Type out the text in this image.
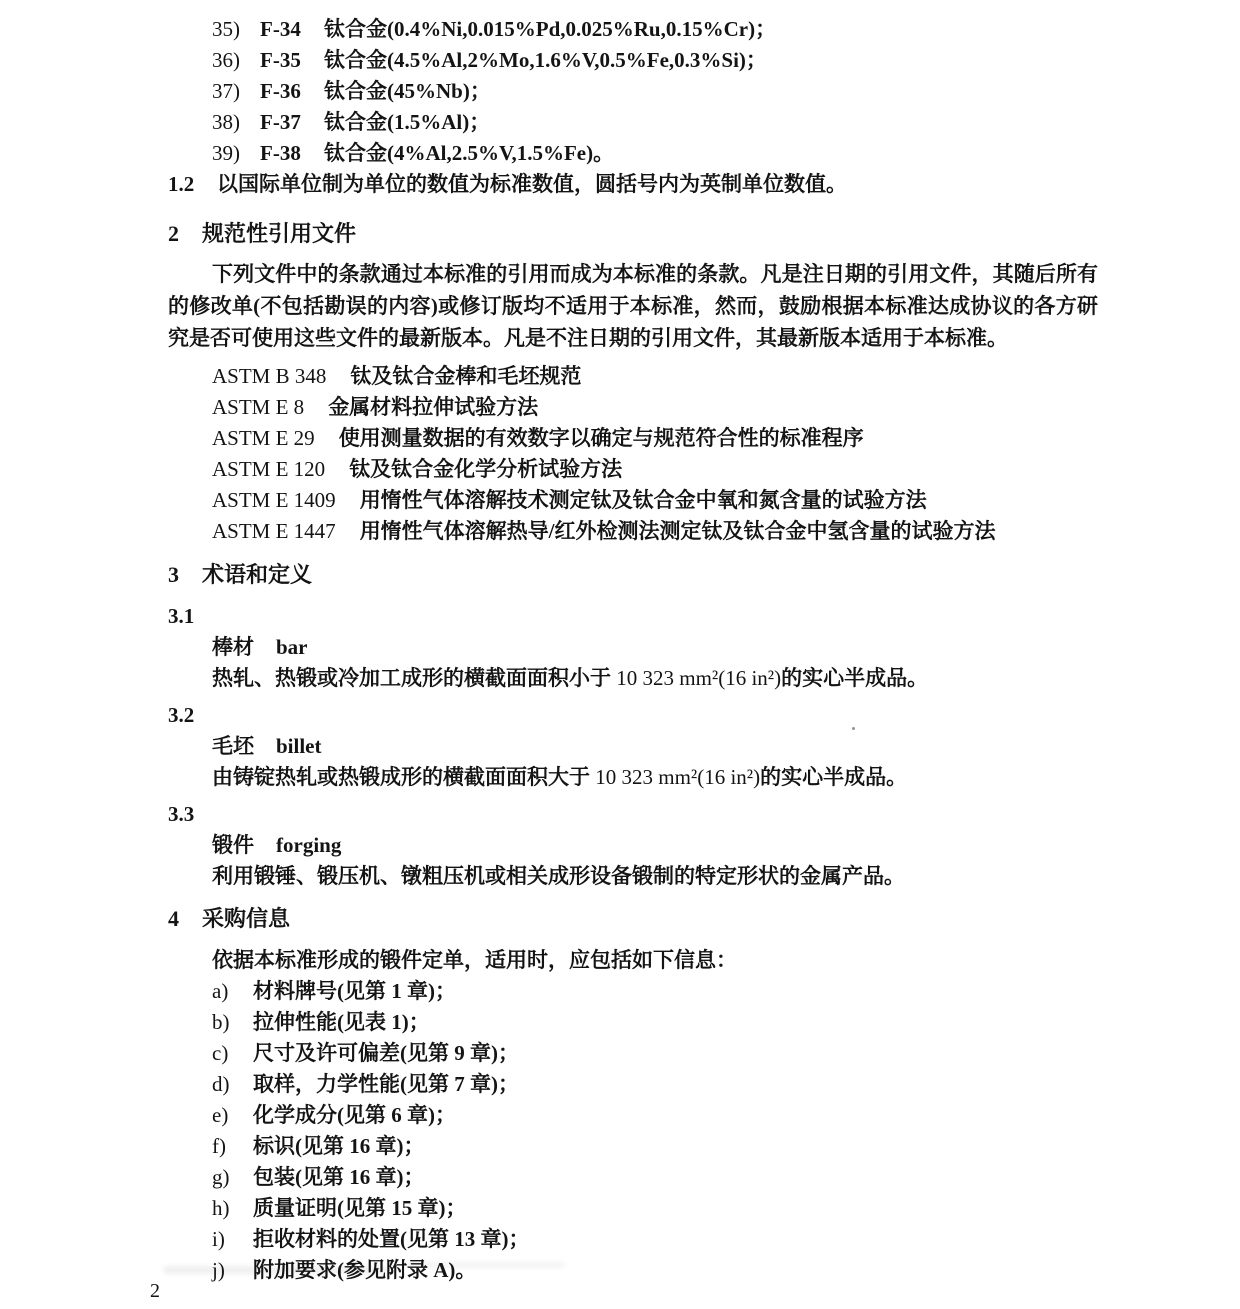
35) F-34	钛合金(0.4%Ni,0.015%Pd,0.025%Ru,0.15%Cr)；
36) F-35	钛合金(4.5%Al,2%Mo,1.6%V,0.5%Fe,0.3%Si)；
37) F-36	钛合金(45%Nb)；
38) F-37	钛合金(1.5%Al)；
39) F-38	钛合金(4%Al,2.5%V,1.5%Fe)。
1.2	以国际单位制为单位的数值为标准数值，圆括号内为英制单位数值。
2	规范性引用文件
下列文件中的条款通过本标准的引用而成为本标准的条款。凡是注日期的引用文件，其随后所有的修改单(不包括勘误的内容)或修订版均不适用于本标准，然而，鼓励根据本标准达成协议的各方研究是否可使用这些文件的最新版本。凡是不注日期的引用文件，其最新版本适用于本标准。
ASTM B 348 钛及钛合金棒和毛坯规范
ASTM E 8 金属材料拉伸试验方法
ASTM E 29 使用测量数据的有效数字以确定与规范符合性的标准程序
ASTM E 120 钛及钛合金化学分析试验方法
ASTM E 1409 用惰性气体溶解技术测定钛及钛合金中氧和氮含量的试验方法
ASTM E 1447 用惰性气体溶解热导/红外检测法测定钛及钛合金中氢含量的试验方法
3	术语和定义
3.1
棒材 bar
热轧、热锻或冷加工成形的横截面面积小于 10 323 mm²(16 in²)的实心半成品。
3.2
毛坯 billet
由铸锭热轧或热锻成形的横截面面积大于 10 323 mm²(16 in²)的实心半成品。
3.3
锻件 forging
利用锻锤、锻压机、镦粗压机或相关成形设备锻制的特定形状的金属产品。
4	采购信息
依据本标准形成的锻件定单，适用时，应包括如下信息：
a)	材料牌号(见第 1 章)；
b)	拉伸性能(见表 1)；
c)	尺寸及许可偏差(见第 9 章)；
d)	取样，力学性能(见第 7 章)；
e)	化学成分(见第 6 章)；
f)	标识(见第 16 章)；
g)	包装(见第 16 章)；
h)	质量证明(见第 15 章)；
i)	拒收材料的处置(见第 13 章)；
j)	附加要求(参见附录 A)。
2
